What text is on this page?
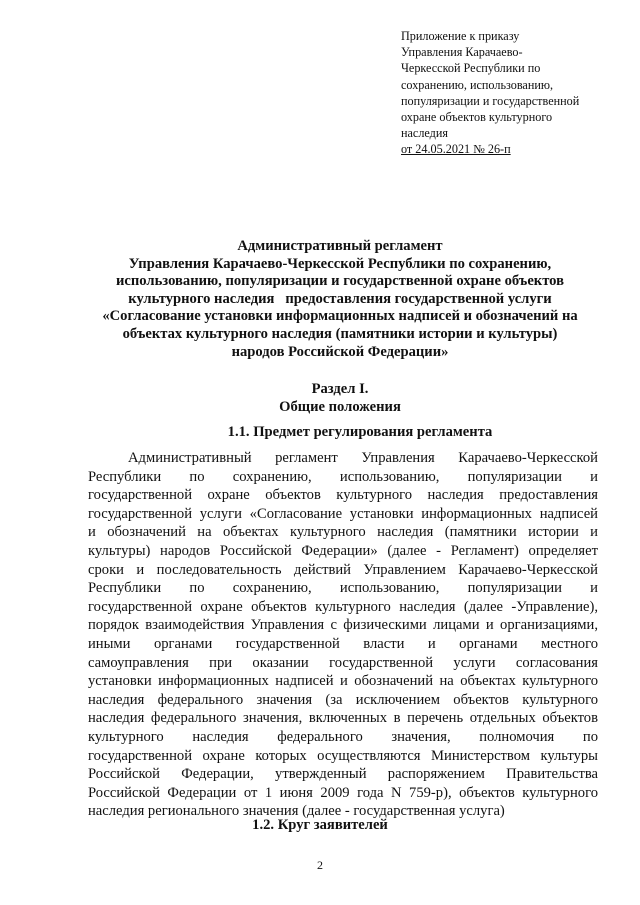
Приложение к приказу
Управления Карачаево-
Черкесской Республики по
сохранению, использованию,
популяризации и государственной
охране объектов культурного
наследия
от 24.05.2021 № 26-п
Административный регламент
Управления Карачаево-Черкесской Республики по сохранению,
использованию, популяризации и государственной охране объектов
культурного наследия   предоставления государственной услуги
«Согласование установки информационных надписей и обозначений на
объектах культурного наследия (памятники истории и культуры)
народов Российской Федерации»
Раздел I.
Общие положения
1.1. Предмет регулирования регламента
Административный регламент Управления Карачаево-Черкесской
Республики по сохранению, использованию, популяризации и
государственной охране объектов культурного наследия предоставления
государственной услуги «Согласование установки информационных надписей
и обозначений на объектах культурного наследия (памятники истории и
культуры) народов Российской Федерации» (далее - Регламент) определяет
сроки и последовательность действий Управлением Карачаево-Черкесской
Республики по сохранению, использованию, популяризации и
государственной охране объектов культурного наследия (далее -Управление),
порядок взаимодействия Управления с физическими лицами и организациями,
иными органами государственной власти и органами местного
самоуправления при оказании государственной услуги согласования
установки информационных надписей и обозначений на объектах культурного
наследия федерального значения (за исключением объектов культурного
наследия федерального значения, включенных в перечень отдельных объектов
культурного наследия федерального значения, полномочия по
государственной охране которых осуществляются Министерством культуры
Российской Федерации, утвержденный распоряжением Правительства
Российской Федерации от 1 июня 2009 года N 759-р), объектов культурного
наследия регионального значения (далее - государственная услуга)
1.2. Круг заявителей
2
